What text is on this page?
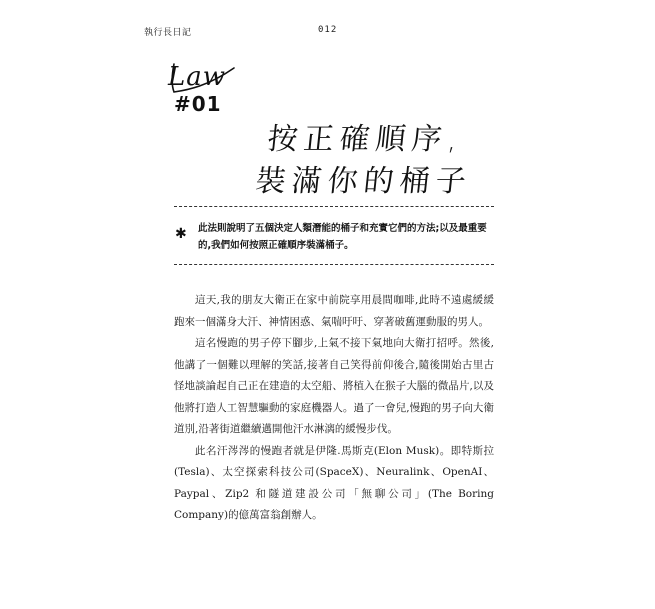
執行長日記	012
Law
#01
按正確順序,
裝滿你的桶子
✱ 此法則說明了五個決定人類潛能的桶子和充實它們的方法;以及最重要的,我們如何按照正確順序裝滿桶子。

這天,我的朋友大衛正在家中前院享用晨間咖啡,此時不遠處緩緩跑來一個滿身大汗、神情困惑、氣喘吁吁、穿著破舊運動服的男人。

這名慢跑的男子停下腳步,上氣不接下氣地向大衛打招呼。然後,他講了一個難以理解的笑話,接著自己笑得前仰後合,隨後開始古里古怪地談論起自己正在建造的太空船、將植入在猴子大腦的微晶片,以及他將打造人工智慧驅動的家庭機器人。過了一會兒,慢跑的男子向大衛道別,沿著街道繼續邁開他汗水淋漓的緩慢步伐。

此名汗涔涔的慢跑者就是伊隆.馬斯克(Elon Musk)。即特斯拉(Tesla)、太空探索科技公司(SpaceX)、Neuralink、OpenAI、Paypal、Zip2 和隧道建設公司「無聊公司」(The Boring Company)的億萬富翁創辦人。
